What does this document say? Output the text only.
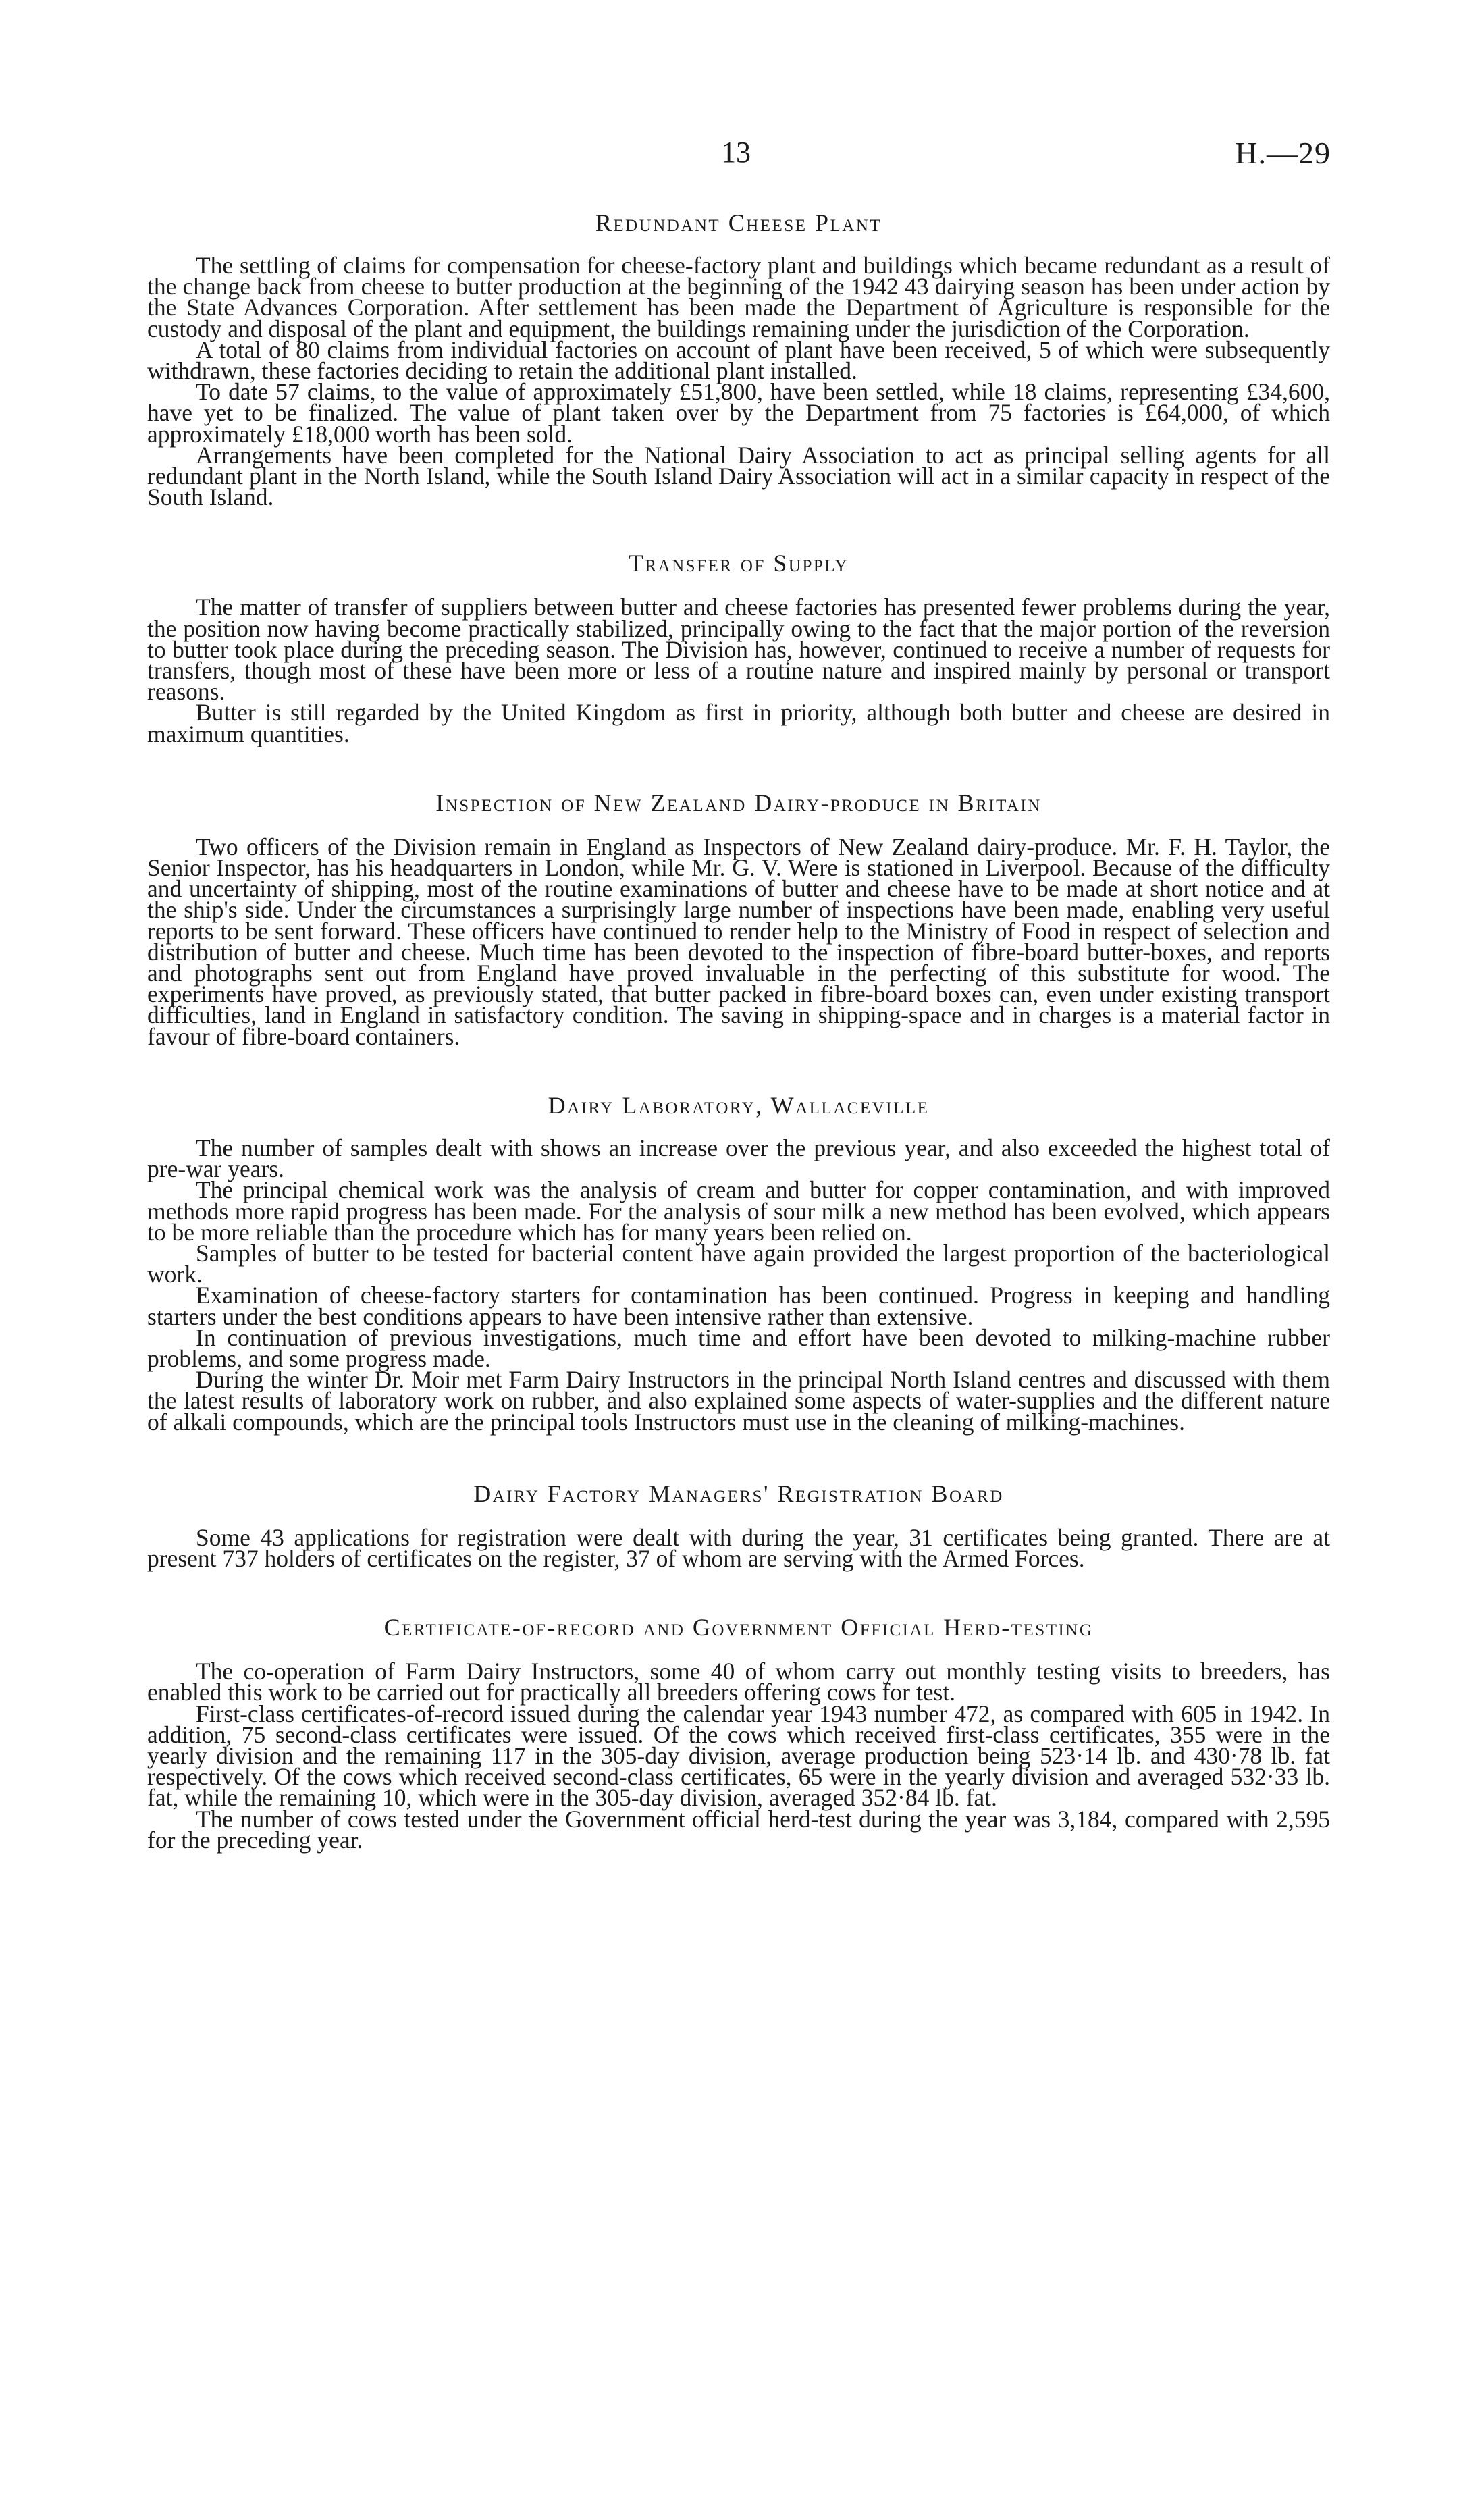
13	H.—29
Redundant Cheese Plant

The settling of claims for compensation for cheese-factory plant and buildings which became redundant as a result of the change back from cheese to butter production at the beginning of the 1942 43 dairying season has been under action by the State Advances Corporation. After settlement has been made the Department of Agriculture is responsible for the custody and disposal of the plant and equipment, the buildings remaining under the jurisdiction of the Corporation.

A total of 80 claims from individual factories on account of plant have been received, 5 of which were subsequently withdrawn, these factories deciding to retain the additional plant installed.

To date 57 claims, to the value of approximately £51,800, have been settled, while 18 claims, representing £34,600, have yet to be finalized. The value of plant taken over by the Department from 75 factories is £64,000, of which approximately £18,000 worth has been sold.

Arrangements have been completed for the National Dairy Association to act as principal selling agents for all redundant plant in the North Island, while the South Island Dairy Association will act in a similar capacity in respect of the South Island.

Transfer of Supply

The matter of transfer of suppliers between butter and cheese factories has presented fewer problems during the year, the position now having become practically stabilized, principally owing to the fact that the major portion of the reversion to butter took place during the preceding season. The Division has, however, continued to receive a number of requests for transfers, though most of these have been more or less of a routine nature and inspired mainly by personal or transport reasons.

Butter is still regarded by the United Kingdom as first in priority, although both butter and cheese are desired in maximum quantities.

Inspection of New Zealand Dairy-produce in Britain

Two officers of the Division remain in England as Inspectors of New Zealand dairy-produce. Mr. F. H. Taylor, the Senior Inspector, has his headquarters in London, while Mr. G. V. Were is stationed in Liverpool. Because of the difficulty and uncertainty of shipping, most of the routine examinations of butter and cheese have to be made at short notice and at the ship's side. Under the circumstances a surprisingly large number of inspections have been made, enabling very useful reports to be sent forward. These officers have continued to render help to the Ministry of Food in respect of selection and distribution of butter and cheese. Much time has been devoted to the inspection of fibre-board butter-boxes, and reports and photographs sent out from England have proved invaluable in the perfecting of this substitute for wood. The experiments have proved, as previously stated, that butter packed in fibre-board boxes can, even under existing transport difficulties, land in England in satisfactory condition. The saving in shipping-space and in charges is a material factor in favour of fibre-board containers.

Dairy Laboratory, Wallaceville

The number of samples dealt with shows an increase over the previous year, and also exceeded the highest total of pre-war years.

The principal chemical work was the analysis of cream and butter for copper contamination, and with improved methods more rapid progress has been made. For the analysis of sour milk a new method has been evolved, which appears to be more reliable than the procedure which has for many years been relied on.

Samples of butter to be tested for bacterial content have again provided the largest proportion of the bacteriological work.

Examination of cheese-factory starters for contamination has been continued. Progress in keeping and handling starters under the best conditions appears to have been intensive rather than extensive.

In continuation of previous investigations, much time and effort have been devoted to milking-machine rubber problems, and some progress made.

During the winter Dr. Moir met Farm Dairy Instructors in the principal North Island centres and discussed with them the latest results of laboratory work on rubber, and also explained some aspects of water-supplies and the different nature of alkali compounds, which are the principal tools Instructors must use in the cleaning of milking-machines.

Dairy Factory Managers' Registration Board

Some 43 applications for registration were dealt with during the year, 31 certificates being granted. There are at present 737 holders of certificates on the register, 37 of whom are serving with the Armed Forces.

Certificate-of-record and Government Official Herd-testing

The co-operation of Farm Dairy Instructors, some 40 of whom carry out monthly testing visits to breeders, has enabled this work to be carried out for practically all breeders offering cows for test.

First-class certificates-of-record issued during the calendar year 1943 number 472, as compared with 605 in 1942. In addition, 75 second-class certificates were issued. Of the cows which received first-class certificates, 355 were in the yearly division and the remaining 117 in the 305-day division, average production being 523·14 lb. and 430·78 lb. fat respectively. Of the cows which received second-class certificates, 65 were in the yearly division and averaged 532·33 lb. fat, while the remaining 10, which were in the 305-day division, averaged 352·84 lb. fat.

The number of cows tested under the Government official herd-test during the year was 3,184, compared with 2,595 for the preceding year.
